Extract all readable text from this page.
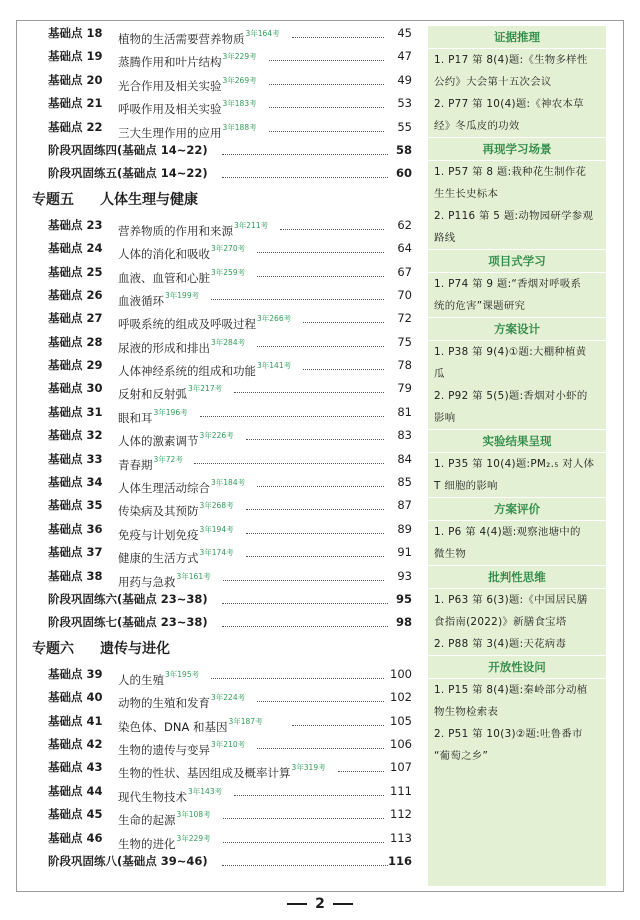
基础点 18 植物的生活需要营养物质$^{3年164考}$	45
基础点 19 蒸腾作用和叶片结构$^{3年229考}$	47
基础点 20 光合作用及相关实验$^{3年269考}$	49
基础点 21 呼吸作用及相关实验$^{3年183考}$	53
基础点 22 三大生理作用的应用$^{3年188考}$	55
阶段巩固练四(基础点 14~22)	58
阶段巩固练五(基础点 14~22)	60
专题五 人体生理与健康
基础点 23 营养物质的作用和来源$^{3年211考}$	62
基础点 24 人体的消化和吸收$^{3年270考}$	64
基础点 25 血液、血管和心脏$^{3年259考}$	67
基础点 26 血液循环$^{3年199考}$	70
基础点 27 呼吸系统的组成及呼吸过程$^{3年266考}$	72
基础点 28 尿液的形成和排出$^{3年284考}$	75
基础点 29 人体神经系统的组成和功能$^{3年141考}$	78
基础点 30 反射和反射弧$^{3年217考}$	79
基础点 31 眼和耳$^{3年196考}$	81
基础点 32 人体的激素调节$^{3年226考}$	83
基础点 33 青春期$^{3年72考}$	84
基础点 34 人体生理活动综合$^{3年184考}$	85
基础点 35 传染病及其预防$^{3年268考}$	87
基础点 36 免疫与计划免疫$^{3年194考}$	89
基础点 37 健康的生活方式$^{3年174考}$	91
基础点 38 用药与急救$^{3年161考}$	93
阶段巩固练六(基础点 23~38)	95
阶段巩固练七(基础点 23~38)	98
专题六 遗传与进化
基础点 39 人的生殖$^{3年195考}$	100
基础点 40 动物的生殖和发育$^{3年224考}$	102
基础点 41 染色体、DNA 和基因$^{3年187考}$	105
基础点 42 生物的遗传与变异$^{3年210考}$	106
基础点 43 生物的性状、基因组成及概率计算$^{3年319考}$	107
基础点 44 现代生物技术$^{3年143考}$	111
基础点 45 生命的起源$^{3年108考}$	112
基础点 46 生物的进化$^{3年229考}$	113
阶段巩固练八(基础点 39~46)	116
证据推理
1. P17 第 8(4)题:《生物多样性
公约》大会第十五次会议
2. P77 第 10(4)题:《神农本草
经》冬瓜皮的功效
再现学习场景
1. P57 第 8 题:栽种花生制作花
生生长史标本
2. P116 第 5 题:动物园研学参观
路线
项目式学习
1. P74 第 9 题:“香烟对呼吸系
统的危害”课题研究
方案设计
1. P38 第 9(4)①题:大棚种植黄
瓜
2. P92 第 5(5)题:香烟对小虾的
影响
实验结果呈现
1. P35 第 10(4)题:PM₂.₅ 对人体
T 细胞的影响
方案评价
1. P6 第 4(4)题:观察池塘中的
微生物
批判性思维
1. P63 第 6(3)题:《中国居民膳
食指南(2022)》新膳食宝塔
2. P88 第 3(4)题:天花病毒
开放性设问
1. P15 第 8(4)题:秦岭部分动植
物生物检索表
2. P51 第 10(3)②题:吐鲁番市
“葡萄之乡”
2
